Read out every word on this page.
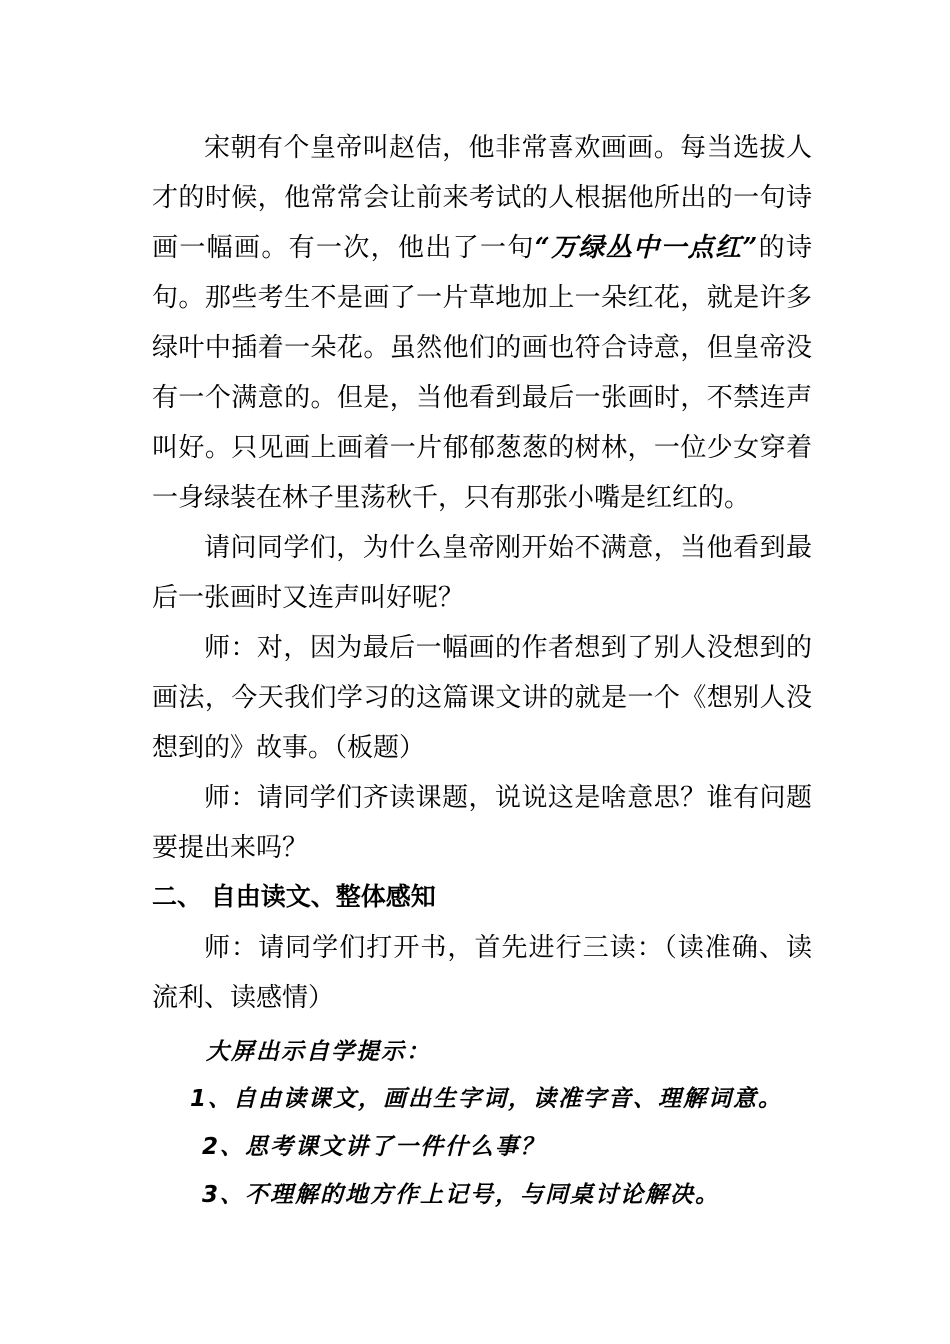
宋朝有个皇帝叫赵佶，他非常喜欢画画。每当选拔人才的时候，他常常会让前来考试的人根据他所出的一句诗画一幅画。有一次，他出了一句“万绿丛中一点红”的诗句。那些考生不是画了一片草地加上一朵红花，就是许多绿叶中插着一朵花。虽然他们的画也符合诗意，但皇帝没有一个满意的。但是，当他看到最后一张画时，不禁连声叫好。只见画上画着一片郁郁葱葱的树林，一位少女穿着一身绿装在林子里荡秋千，只有那张小嘴是红红的。

请问同学们，为什么皇帝刚开始不满意，当他看到最后一张画时又连声叫好呢？

师：对，因为最后一幅画的作者想到了别人没想到的画法，今天我们学习的这篇课文讲的就是一个《想别人没想到的》故事。（板题）

师：请同学们齐读课题，说说这是啥意思？谁有问题要提出来吗？

二、 自由读文、整体感知

师：请同学们打开书，首先进行三读：（读准确、读流利、读感情）

大屏出示自学提示：

1、自由读课文，画出生字词，读准字音、理解词意。

2、思考课文讲了一件什么事？

3、不理解的地方作上记号，与同桌讨论解决。
